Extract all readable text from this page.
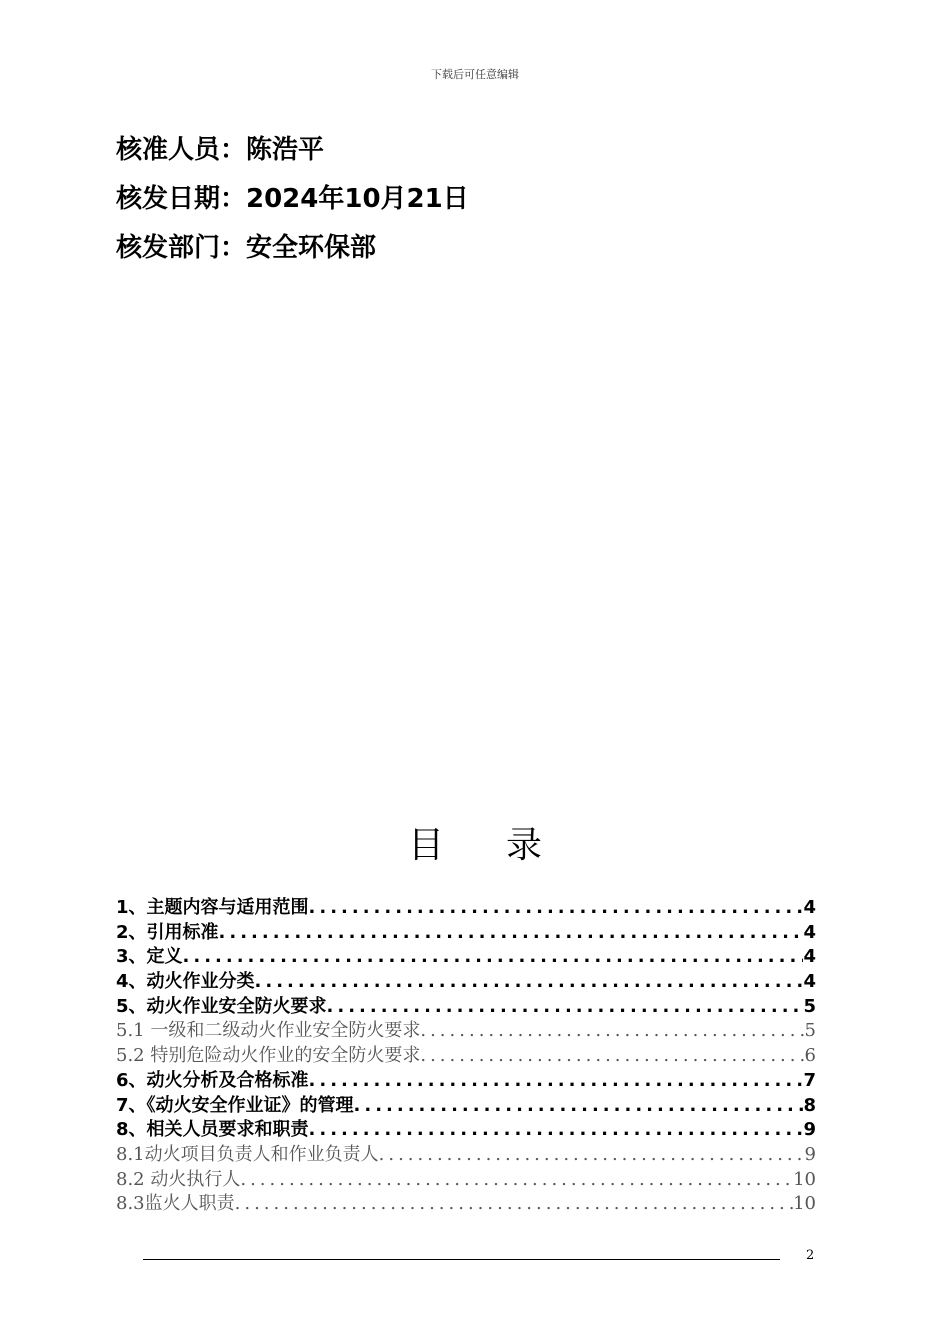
下载后可任意编辑
核准人员：陈浩平
核发日期：2024年10月21日
核发部门：安全环保部
目录
1、主题内容与适用范围 .....	4
2、引用标准 .....	4
3、定义 .....	4
4、动火作业分类 .....	4
5、动火作业安全防火要求 .....	5
5.1 一级和二级动火作业安全防火要求 .....	5
5.2 特别危险动火作业的安全防火要求 .....	6
6、动火分析及合格标准 .....	7
7、《动火安全作业证》的管理 .....	8
8、相关人员要求和职责 .....	9
8.1动火项目负责人和作业负责人 .....	9
8.2 动火执行人 .....	10
8.3监火人职责 .....	10
2
